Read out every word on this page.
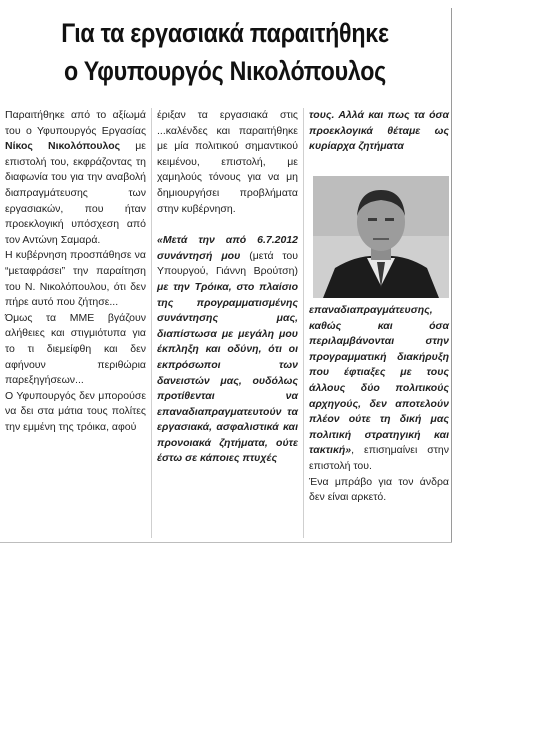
Για τα εργασιακά παραιτήθηκε
ο Υφυπουργός Νικολόπουλος

Παραιτήθηκε από το αξίωμά του ο Υφυπουργός Εργασίας Νίκος Νικολόπουλος με επιστολή του, εκφράζοντας τη διαφωνία του για την αναβολή διαπραγμάτευσης των εργασιακών, που ήταν προεκλογική υπόσχεση από τον Αντώνη Σαμαρά.

Η κυβέρνηση προσπάθησε να “μεταφράσει” την παραίτηση του Ν. Νικολόπουλου, ότι δεν πήρε αυτό που ζήτησε...

Όμως τα ΜΜΕ βγάζουν αλήθειες και στιγμιότυπα για το τι διεμείφθη και δεν αφήνουν περιθώρια παρεξηγήσεων...

Ο Υφυπουργός δεν μπορούσε να δει στα μάτια τους πολίτες την εμμένη της τρόικα, αφού

έριξαν τα εργασιακά στις ...καλένδες και παραιτήθηκε με μία πολιτικού σημαντικού κειμένου, επιστολή, με χαμηλούς τόνους για να μη δημιουργήσει προβλήματα στην κυβέρνηση.

«Μετά την από 6.7.2012 συνάντησή μου (μετά του Υπουργού, Γιάννη Βρούτση) με την Τρόικα, στο πλαίσιο της προγραμματισμένης συνάντησης μας, διαπίστωσα με μεγάλη μου έκπληξη και οδύνη, ότι οι εκπρόσωποι των δανειστών μας, ουδόλως προτίθενται να επαναδιαπραγματευτούν τα εργασιακά, ασφαλιστικά και προνοιακά ζητήματα, ούτε έστω σε κάποιες πτυχές

τους. Αλλά και πως τα όσα προεκλογικά θέταμε ως κυρίαρχα ζητήματα

επαναδιαπραγμάτευσης, καθώς και όσα περιλαμβάνονται στην προγραμματική διακήρυξη που έφτιαξες με τους άλλους δύο πολιτικούς αρχηγούς, δεν αποτελούν πλέον ούτε τη δική μας πολιτική στρατηγική και τακτική», επισημαίνει στην επιστολή του.

Ένα μπράβο για τον άνδρα δεν είναι αρκετό.
